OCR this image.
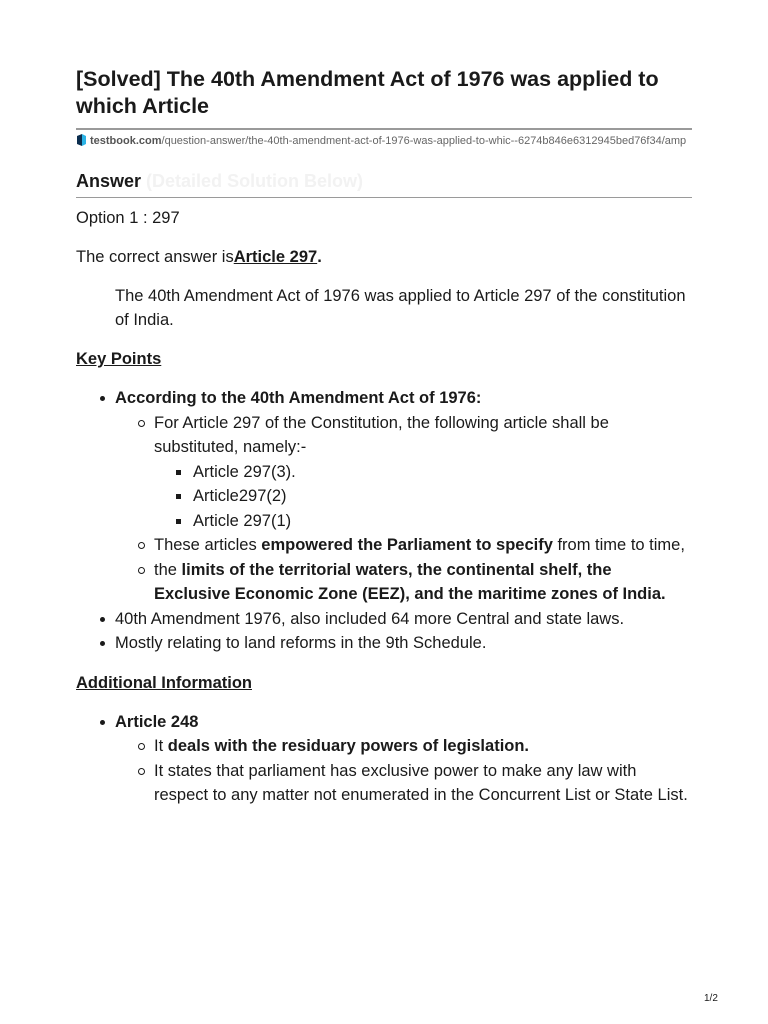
[Solved] The 40th Amendment Act of 1976 was applied to which Article
testbook.com/question-answer/the-40th-amendment-act-of-1976-was-applied-to-whic--6274b846e6312945bed76f34/amp
Answer (Detailed Solution Below)

Option 1 : 297

The correct answer isArticle 297.

The 40th Amendment Act of 1976 was applied to Article 297 of the constitution of India.

Key Points

According to the 40th Amendment Act of 1976:
For Article 297 of the Constitution, the following article shall be substituted, namely:-
Article 297(3).
Article297(2)
Article 297(1)
These articles empowered the Parliament to specify from time to time,
the limits of the territorial waters, the continental shelf, the Exclusive Economic Zone (EEZ), and the maritime zones of India.
40th Amendment 1976, also included 64 more Central and state laws.
Mostly relating to land reforms in the 9th Schedule.

Additional Information

Article 248
It deals with the residuary powers of legislation.
It states that parliament has exclusive power to make any law with respect to any matter not enumerated in the Concurrent List or State List.
1/2
